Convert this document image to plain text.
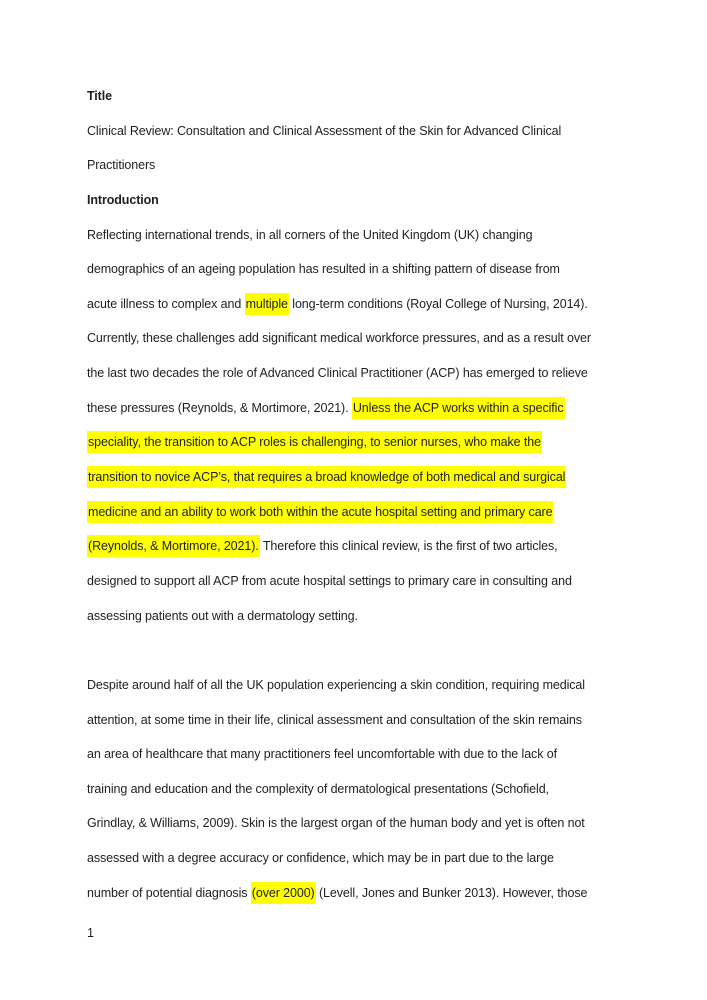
Title
Clinical Review: Consultation and Clinical Assessment of the Skin for Advanced Clinical
Practitioners
Introduction
Reflecting international trends, in all corners of the United Kingdom (UK) changing
demographics of an ageing population has resulted in a shifting pattern of disease from
acute illness to complex and multiple long-term conditions (Royal College of Nursing, 2014).
Currently, these challenges add significant medical workforce pressures, and as a result over
the last two decades the role of Advanced Clinical Practitioner (ACP) has emerged to relieve
these pressures (Reynolds, & Mortimore, 2021). Unless the ACP works within a specific
speciality, the transition to ACP roles is challenging, to senior nurses, who make the
transition to novice ACP’s, that requires a broad knowledge of both medical and surgical
medicine and an ability to work both within the acute hospital setting and primary care
(Reynolds, & Mortimore, 2021). Therefore this clinical review, is the first of two articles,
designed to support all ACP from acute hospital settings to primary care in consulting and
assessing patients out with a dermatology setting.
Despite around half of all the UK population experiencing a skin condition, requiring medical
attention, at some time in their life, clinical assessment and consultation of the skin remains
an area of healthcare that many practitioners feel uncomfortable with due to the lack of
training and education and the complexity of dermatological presentations (Schofield,
Grindlay, & Williams, 2009). Skin is the largest organ of the human body and yet is often not
assessed with a degree accuracy or confidence, which may be in part due to the large
number of potential diagnosis (over 2000) (Levell, Jones and Bunker 2013). However, those
1
